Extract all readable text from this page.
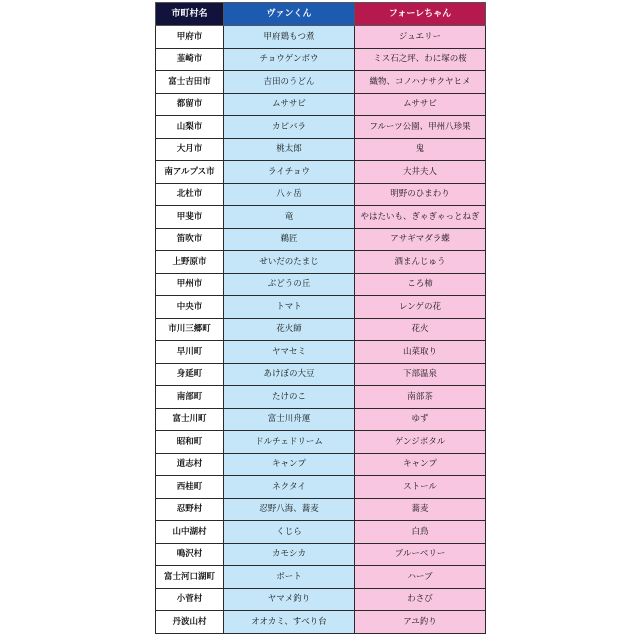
市町村名	ヴァンくん	フォーレちゃん
甲府市	甲府鶏もつ煮	ジュエリー
韮崎市	チョウゲンボウ	ミス石之坪、わに塚の桜
富士吉田市	吉田のうどん	織物、コノハナサクヤヒメ
都留市	ムササビ	ムササビ
山梨市	カピバラ	フルーツ公園、甲州八珍果
大月市	桃太郎	鬼
南アルプス市	ライチョウ	大井夫人
北杜市	八ヶ岳	明野のひまわり
甲斐市	竜	やはたいも、ぎゃぎゃっとねぎ
笛吹市	鵜匠	アサギマダラ蝶
上野原市	せいだのたまじ	酒まんじゅう
甲州市	ぶどうの丘	ころ柿
中央市	トマト	レンゲの花
市川三郷町	花火師	花火
早川町	ヤマセミ	山菜取り
身延町	あけぼの大豆	下部温泉
南部町	たけのこ	南部茶
富士川町	富士川舟運	ゆず
昭和町	ドルチェドリーム	ゲンジボタル
道志村	キャンプ	キャンプ
西桂町	ネクタイ	ストール
忍野村	忍野八海、蕎麦	蕎麦
山中湖村	くじら	白鳥
鳴沢村	カモシカ	ブルーベリー
富士河口湖町	ボート	ハーブ
小菅村	ヤマメ釣り	わさび
丹波山村	オオカミ、すべり台	アユ釣り
